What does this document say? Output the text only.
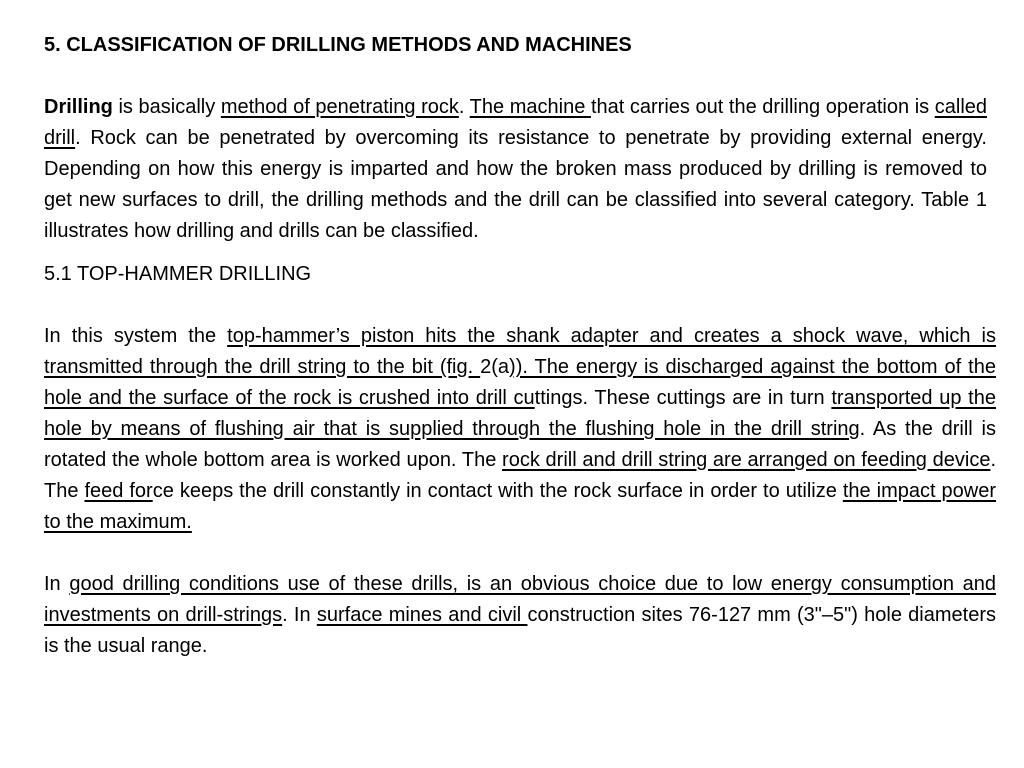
5. CLASSIFICATION OF DRILLING METHODS AND MACHINES

Drilling is basically method of penetrating rock. The machine that carries out the drilling operation is called drill. Rock can be penetrated by overcoming its resistance to penetrate by providing external energy. Depending on how this energy is imparted and how the broken mass produced by drilling is removed to get new surfaces to drill, the drilling methods and the drill can be classified into several category. Table 1 illustrates how drilling and drills can be classified.

5.1 TOP-HAMMER DRILLING

In this system the top-hammer’s piston hits the shank adapter and creates a shock wave, which is transmitted through the drill string to the bit (fig. 2(a)). The energy is discharged against the bottom of the hole and the surface of the rock is crushed into drill cuttings. These cuttings are in turn transported up the hole by means of flushing air that is supplied through the flushing hole in the drill string. As the drill is rotated the whole bottom area is worked upon. The rock drill and drill string are arranged on feeding device. The feed force keeps the drill constantly in contact with the rock surface in order to utilize the impact power to the maximum.

In good drilling conditions use of these drills, is an obvious choice due to low energy consumption and investments on drill-strings. In surface mines and civil construction sites 76-127 mm (3"–5") hole diameters is the usual range.
